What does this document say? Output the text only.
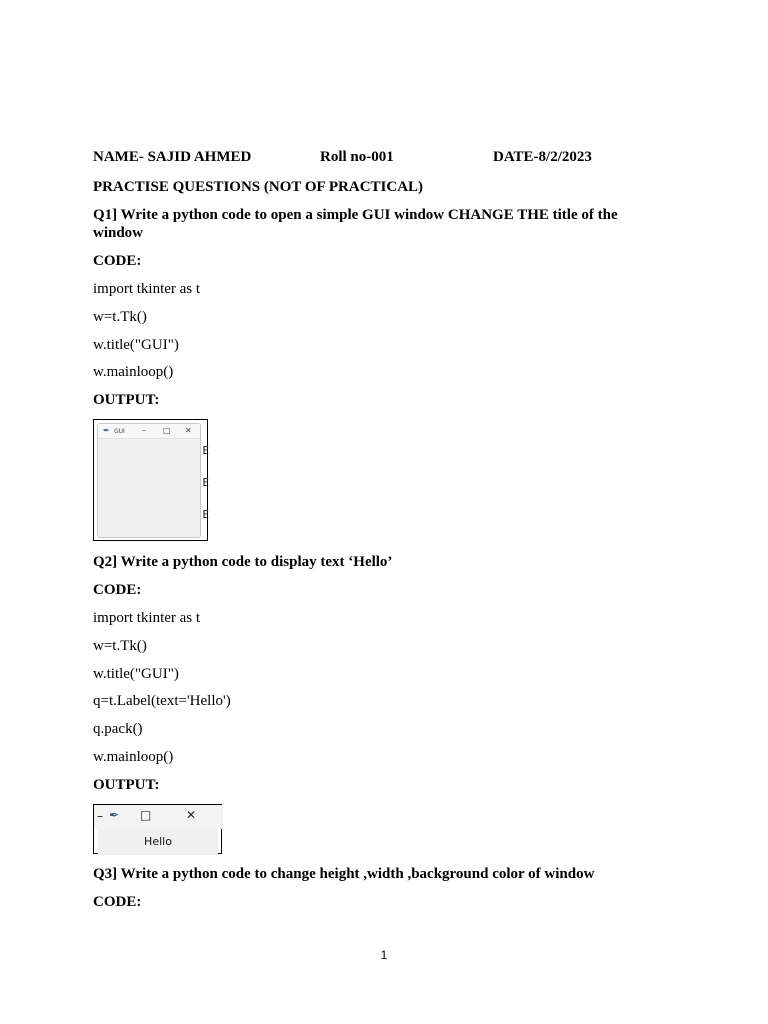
NAME- SAJID AHMED	Roll no-001	DATE-8/2/2023
PRACTISE QUESTIONS (NOT OF PRACTICAL)
Q1] Write a python code to open a simple GUI window CHANGE THE title of the window
CODE:
import tkinter as t
w=t.Tk()
w.title("GUI")
w.mainloop()
OUTPUT:
E
E
E
✒ GUI – □ ✕
Q2] Write a python code to display text ‘Hello’
CODE:
import tkinter as t
w=t.Tk()
w.title("GUI")
q=t.Label(text='Hello')
q.pack()
w.mainloop()
OUTPUT:
– ✒ □	✕
Hello
Q3] Write a python code to change height ,width ,background color of window
CODE:
1
